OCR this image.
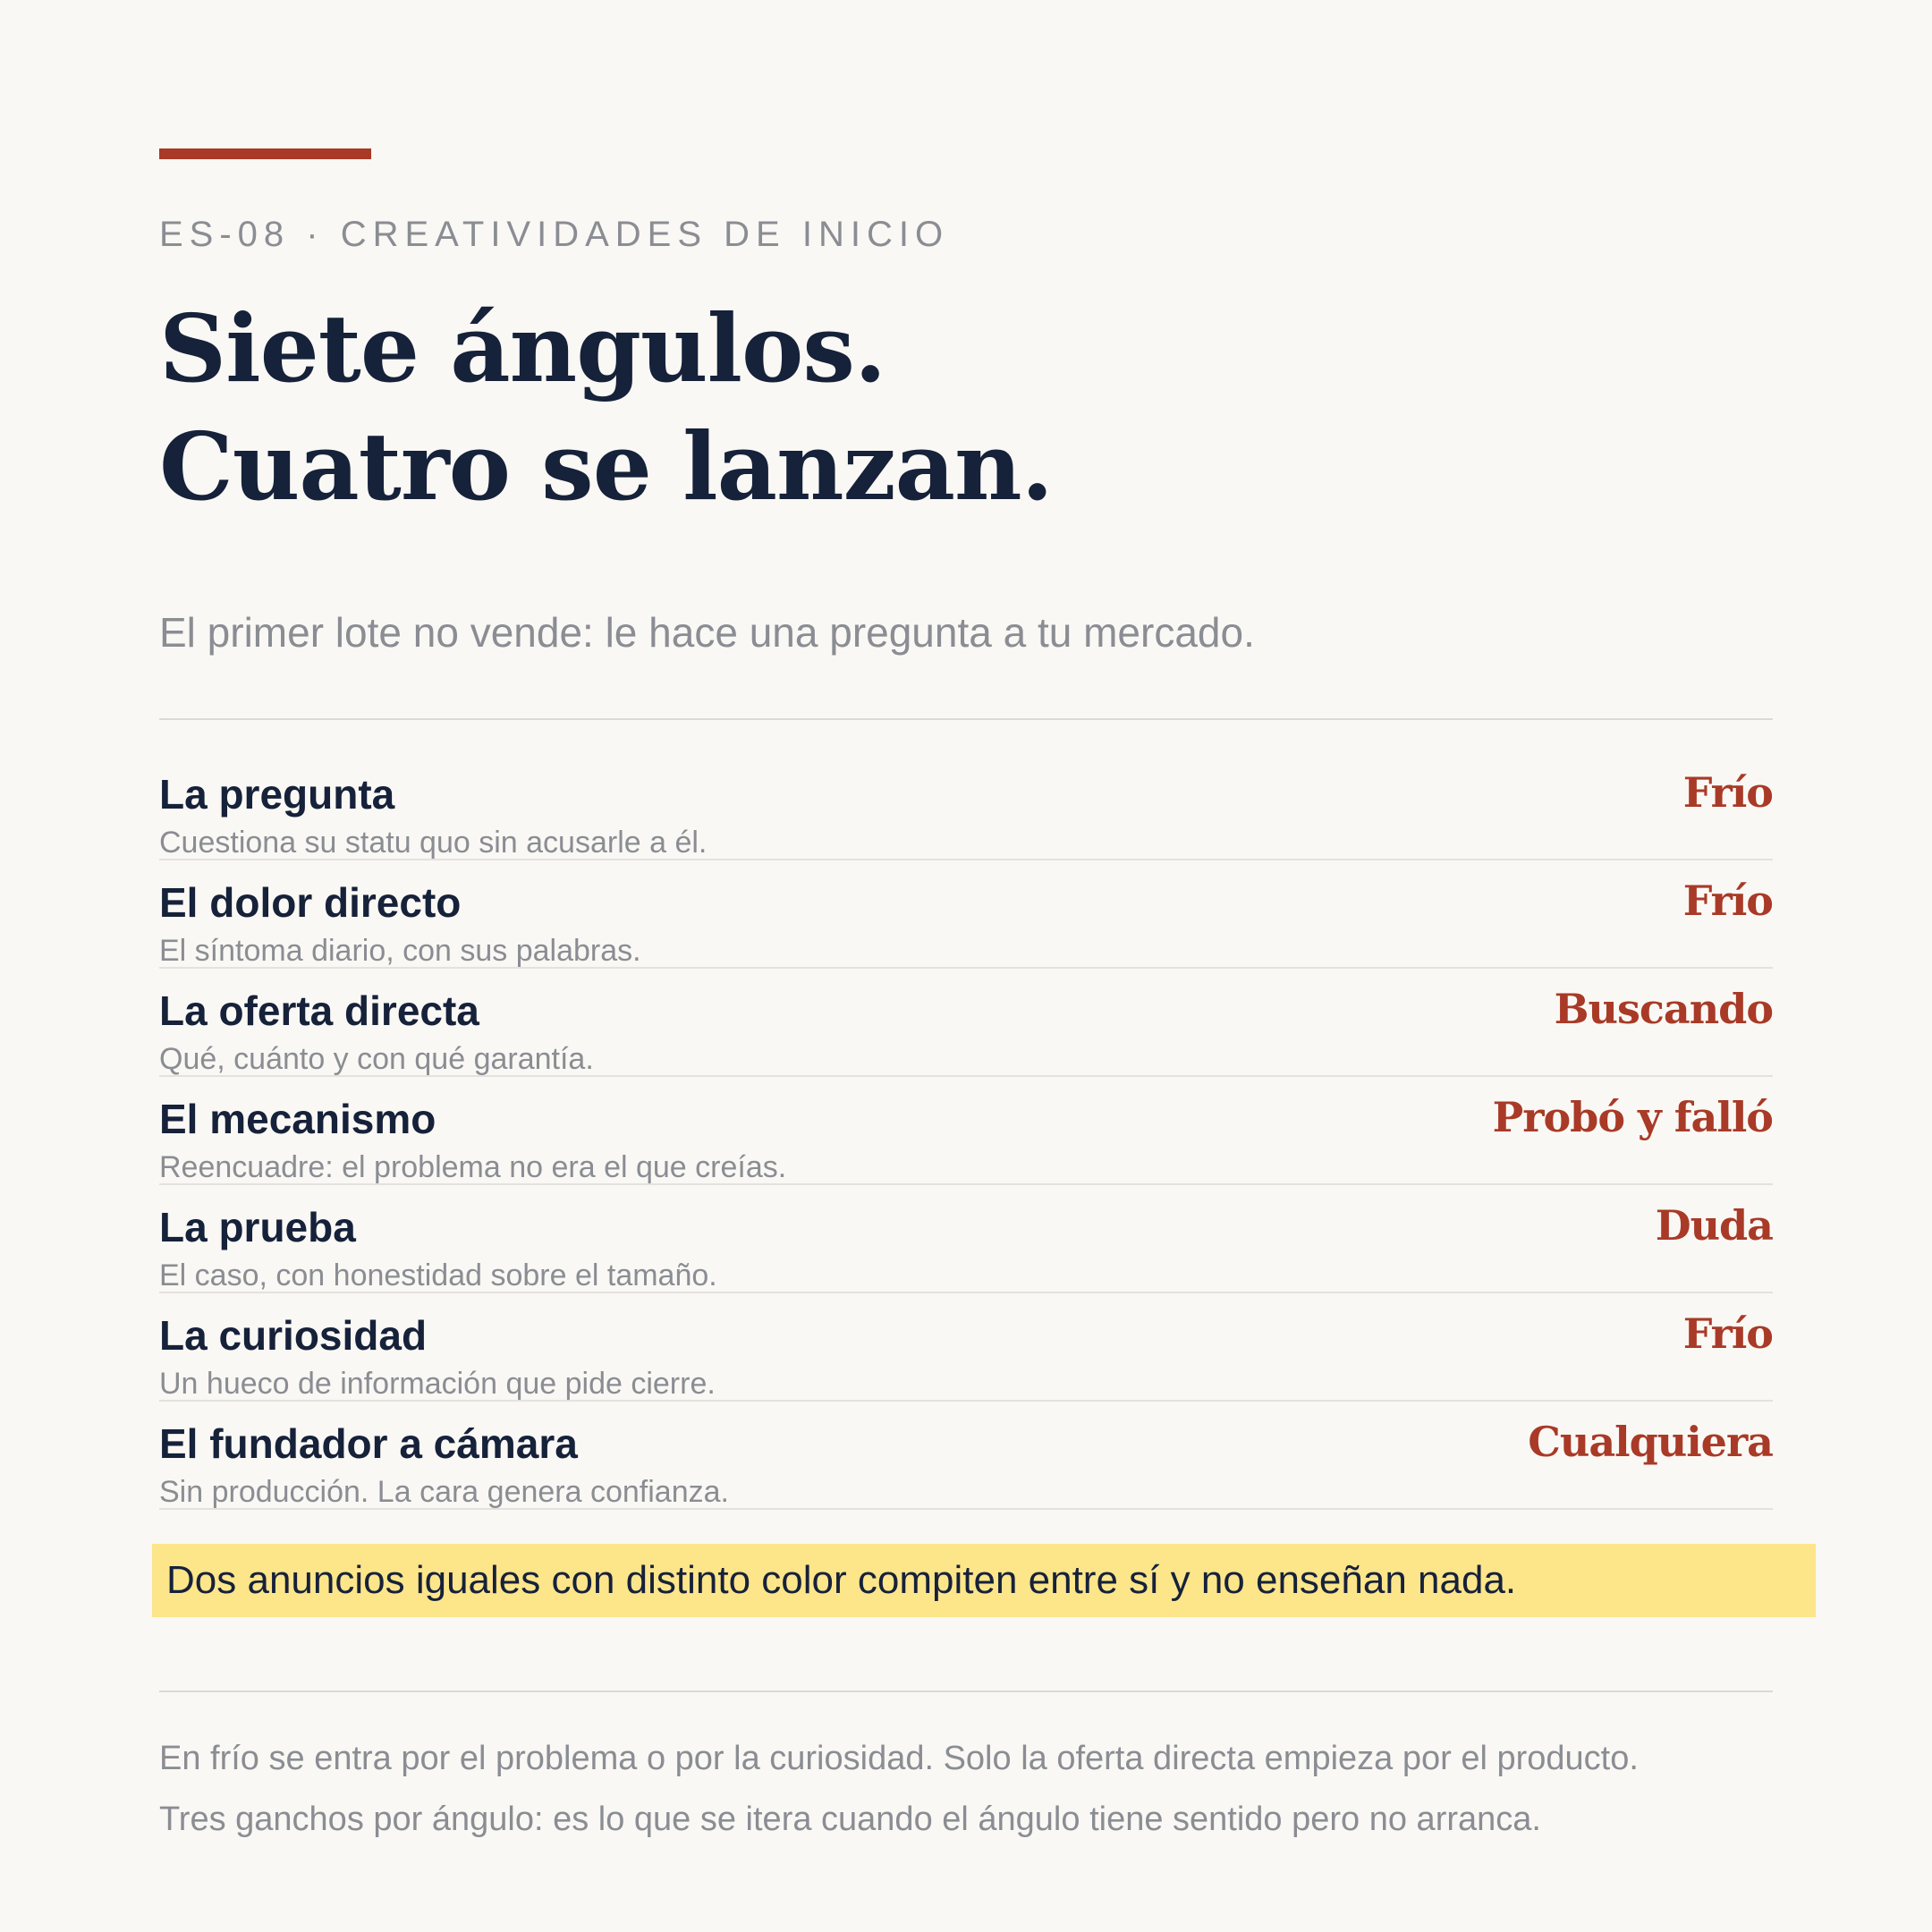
ES-08 · CREATIVIDADES DE INICIO
Siete ángulos.
Cuatro se lanzan.
El primer lote no vende: le hace una pregunta a tu mercado.
La pregunta
Cuestiona su statu quo sin acusarle a él.
Frío
El dolor directo
El síntoma diario, con sus palabras.
Frío
La oferta directa
Qué, cuánto y con qué garantía.
Buscando
El mecanismo
Reencuadre: el problema no era el que creías.
Probó y falló
La prueba
El caso, con honestidad sobre el tamaño.
Duda
La curiosidad
Un hueco de información que pide cierre.
Frío
El fundador a cámara
Sin producción. La cara genera confianza.
Cualquiera
Dos anuncios iguales con distinto color compiten entre sí y no enseñan nada.
En frío se entra por el problema o por la curiosidad. Solo la oferta directa empieza por el producto.
Tres ganchos por ángulo: es lo que se itera cuando el ángulo tiene sentido pero no arranca.
